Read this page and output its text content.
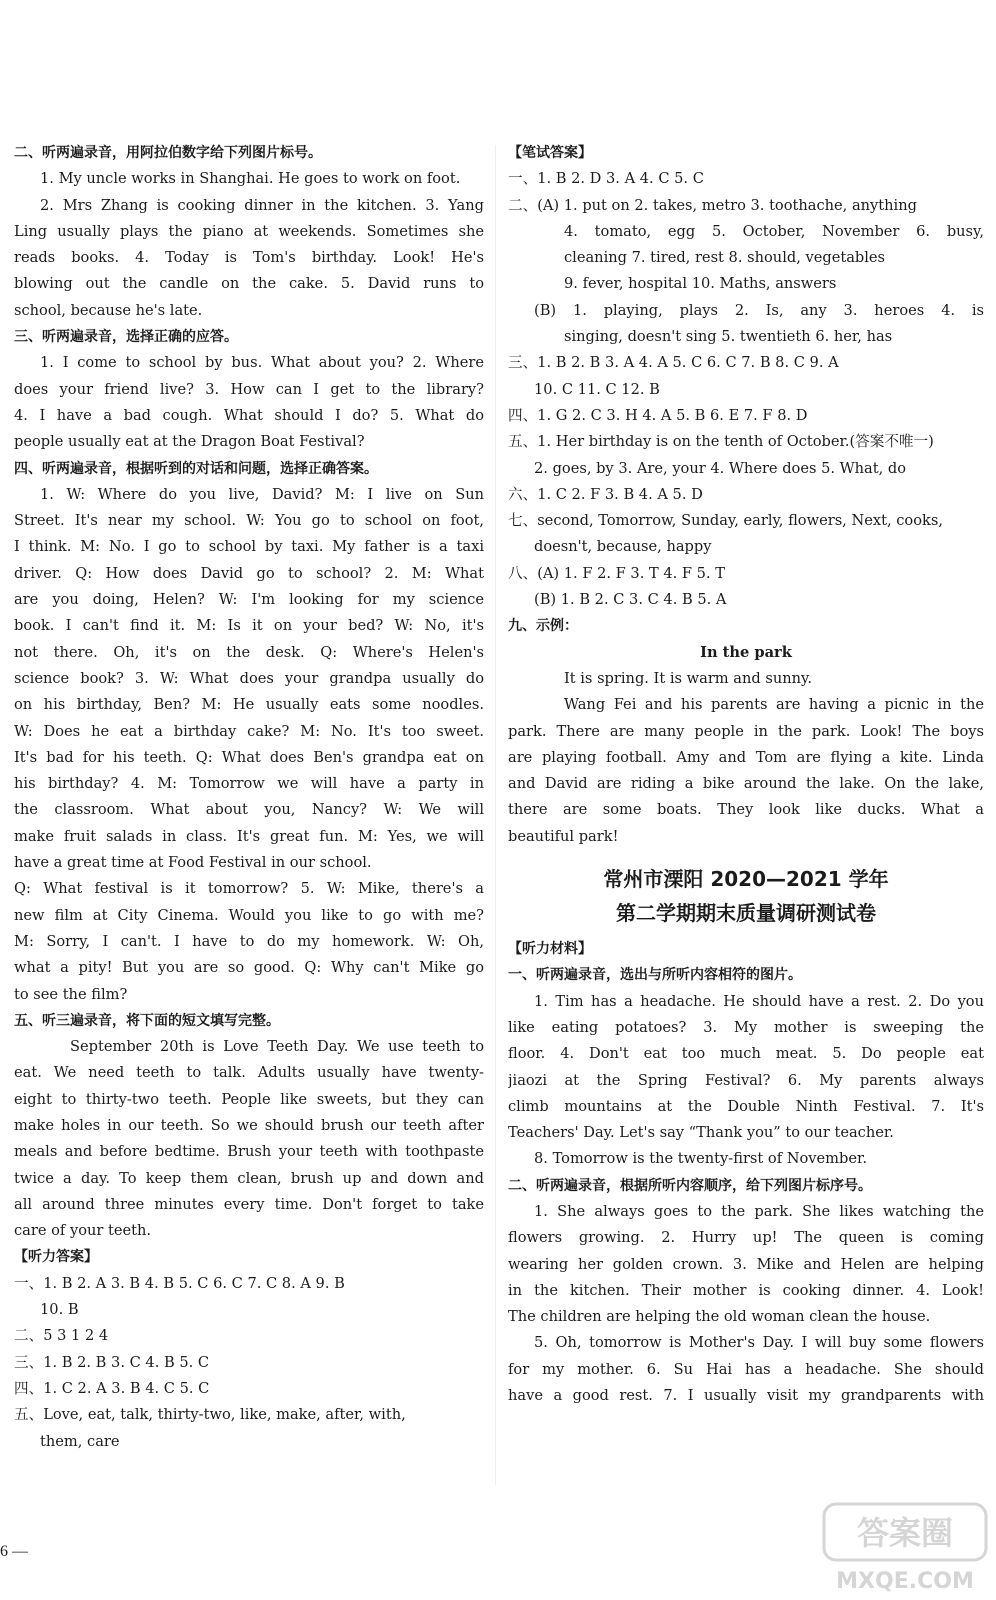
二、听两遍录音，用阿拉伯数字给下列图片标号。
1. My uncle works in Shanghai. He goes to work on foot.
2. Mrs Zhang is cooking dinner in the kitchen. 3. Yang
Ling usually plays the piano at weekends. Sometimes she
reads books. 4. Today is Tom's birthday. Look! He's
blowing out the candle on the cake. 5. David runs to
school, because he's late.
三、听两遍录音，选择正确的应答。
1. I come to school by bus. What about you? 2. Where
does your friend live? 3. How can I get to the library?
4. I have a bad cough. What should I do? 5. What do
people usually eat at the Dragon Boat Festival?
四、听两遍录音，根据听到的对话和问题，选择正确答案。
1. W: Where do you live, David? M: I live on Sun
Street. It's near my school. W: You go to school on foot,
I think. M: No. I go to school by taxi. My father is a taxi
driver. Q: How does David go to school? 2. M: What
are you doing, Helen? W: I'm looking for my science
book. I can't find it. M: Is it on your bed? W: No, it's
not there. Oh, it's on the desk. Q: Where's Helen's
science book? 3. W: What does your grandpa usually do
on his birthday, Ben? M: He usually eats some noodles.
W: Does he eat a birthday cake? M: No. It's too sweet.
It's bad for his teeth. Q: What does Ben's grandpa eat on
his birthday? 4. M: Tomorrow we will have a party in
the classroom. What about you, Nancy? W: We will
make fruit salads in class. It's great fun. M: Yes, we will
have a great time at Food Festival in our school.
Q: What festival is it tomorrow? 5. W: Mike, there's a
new film at City Cinema. Would you like to go with me?
M: Sorry, I can't. I have to do my homework. W: Oh,
what a pity! But you are so good. Q: Why can't Mike go
to see the film?
五、听三遍录音，将下面的短文填写完整。
September 20th is Love Teeth Day. We use teeth to
eat. We need teeth to talk. Adults usually have twenty-
eight to thirty-two teeth. People like sweets, but they can
make holes in our teeth. So we should brush our teeth after
meals and before bedtime. Brush your teeth with toothpaste
twice a day. To keep them clean, brush up and down and
all around three minutes every time. Don't forget to take
care of your teeth.
【听力答案】
一、1. B 2. A 3. B 4. B 5. C 6. C 7. C 8. A 9. B
10. B
二、5 3 1 2 4
三、1. B 2. B 3. C 4. B 5. C
四、1. C 2. A 3. B 4. C 5. C
五、Love, eat, talk, thirty-two, like, make, after, with,
them, care
【笔试答案】
一、1. B 2. D 3. A 4. C 5. C
二、(A) 1. put on 2. takes, metro 3. toothache, anything
4. tomato, egg 5. October, November 6. busy,
cleaning 7. tired, rest 8. should, vegetables
9. fever, hospital 10. Maths, answers
(B) 1. playing, plays 2. Is, any 3. heroes 4. is
singing, doesn't sing 5. twentieth 6. her, has
三、1. B 2. B 3. A 4. A 5. C 6. C 7. B 8. C 9. A
10. C 11. C 12. B
四、1. G 2. C 3. H 4. A 5. B 6. E 7. F 8. D
五、1. Her birthday is on the tenth of October.(答案不唯一)
2. goes, by 3. Are, your 4. Where does 5. What, do
六、1. C 2. F 3. B 4. A 5. D
七、second, Tomorrow, Sunday, early, flowers, Next, cooks,
doesn't, because, happy
八、(A) 1. F 2. F 3. T 4. F 5. T
(B) 1. B 2. C 3. C 4. B 5. A
九、示例：
In the park
It is spring. It is warm and sunny.
Wang Fei and his parents are having a picnic in the
park. There are many people in the park. Look! The boys
are playing football. Amy and Tom are flying a kite. Linda
and David are riding a bike around the lake. On the lake,
there are some boats. They look like ducks. What a
beautiful park!
常州市溧阳 2020—2021 学年
第二学期期末质量调研测试卷
【听力材料】
一、听两遍录音，选出与所听内容相符的图片。
1. Tim has a headache. He should have a rest. 2. Do you
like eating potatoes? 3. My mother is sweeping the
floor. 4. Don't eat too much meat. 5. Do people eat
jiaozi at the Spring Festival? 6. My parents always
climb mountains at the Double Ninth Festival. 7. It's
Teachers' Day. Let's say “Thank you” to our teacher.
8. Tomorrow is the twenty-first of November.
二、听两遍录音，根据所听内容顺序，给下列图片标序号。
1. She always goes to the park. She likes watching the
flowers growing. 2. Hurry up! The queen is coming
wearing her golden crown. 3. Mike and Helen are helping
in the kitchen. Their mother is cooking dinner. 4. Look!
The children are helping the old woman clean the house.
5. Oh, tomorrow is Mother's Day. I will buy some flowers
for my mother. 6. Su Hai has a headache. She should
have a good rest. 7. I usually visit my grandparents with
6 —	答案圈
MXQE.COM
